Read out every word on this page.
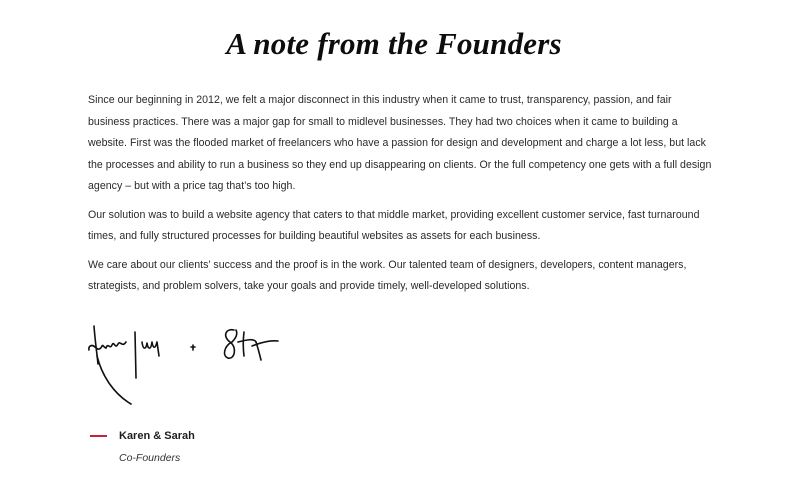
A note from the Founders

Since our beginning in 2012, we felt a major disconnect in this industry when it came to trust, transparency, passion, and fair business practices. There was a major gap for small to midlevel businesses. They had two choices when it came to building a website. First was the flooded market of freelancers who have a passion for design and development and charge a lot less, but lack the processes and ability to run a business so they end up disappearing on clients. Or the full competency one gets with a full design agency – but with a price tag that’s too high.

Our solution was to build a website agency that caters to that middle market, providing excellent customer service, fast turnaround times, and fully structured processes for building beautiful websites as assets for each business.

We care about our clients’ success and the proof is in the work. Our talented team of designers, developers, content managers, strategists, and problem solvers, take your goals and provide timely, well-developed solutions.

Karen & Sarah
Co-Founders
